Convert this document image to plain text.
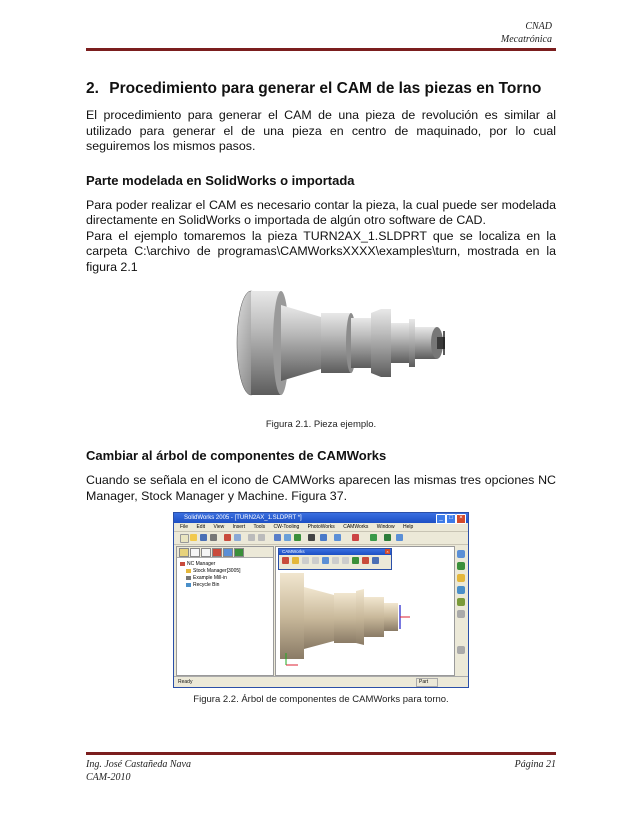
CNAD
Mecatrónica
2. Procedimiento para generar el CAM de las piezas en Torno

El procedimiento para generar el CAM de una pieza de revolución es similar al utilizado para generar el de una pieza en centro de maquinado, por lo cual seguiremos los mismos pasos.

Parte modelada en SolidWorks o importada

Para poder realizar el CAM es necesario contar la pieza, la cual puede ser modelada directamente en SolidWorks o importada de algún otro software de CAD.

Para el ejemplo tomaremos la pieza TURN2AX_1.SLDPRT que se localiza en la carpeta C:\archivo de programas\CAMWorksXXXX\examples\turn, mostrada en la figura 2.1

Figura 2.1. Pieza ejemplo.
Cambiar al árbol de componentes de CAMWorks

Cuando se señala en el icono de CAMWorks aparecen las mismas tres opciones NC Manager, Stock Manager y Machine. Figura 37.

SolidWorks 2005 - [TURN2AX_1.SLDPRT *]	_	□	×
File Edit View Insert Tools CW-Tooling PhotoWorks CAMWorks Window Help
NC Manager
Stock Manager[3005]
Example Mill-in
Recycle Bin
CAMWorks	×
Ready	Part
Figura 2.2. Árbol de componentes de CAMWorks para torno.
Ing. José Castañeda Nava
CAM-2010
Página 21
